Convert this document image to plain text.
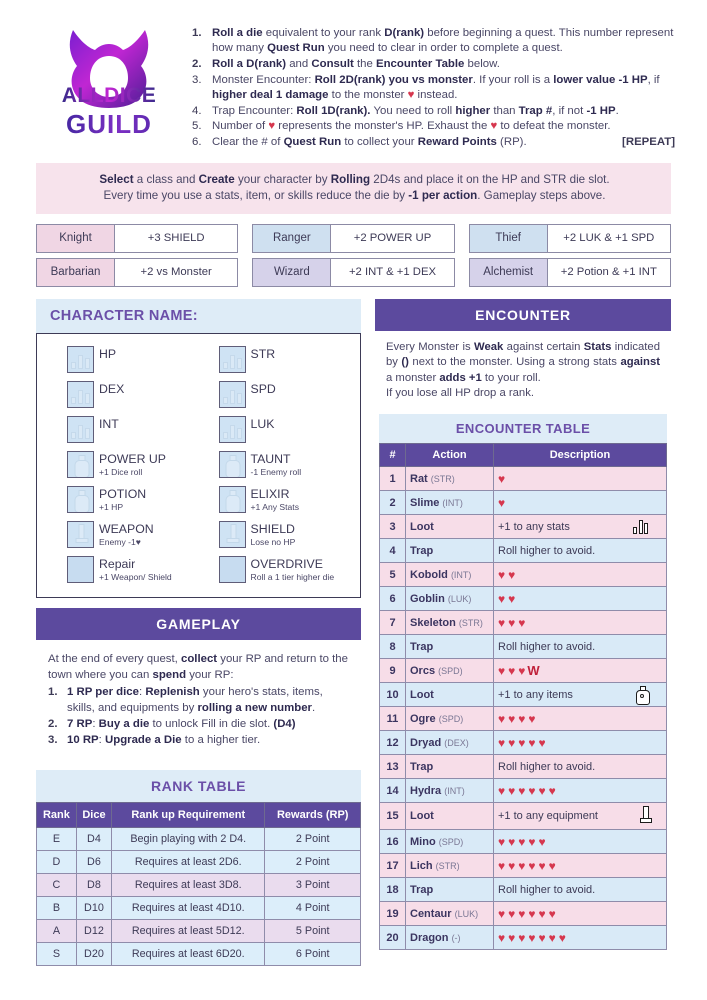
ALLDICE
GUILD
1. Roll a die equivalent to your rank D(rank) before beginning a quest. This number represent how many Quest Run you need to clear in order to complete a quest.
2. Roll a D(rank) and Consult the Encounter Table below.
3. Monster Encounter: Roll 2D(rank) you vs monster. If your roll is a lower value -1 HP, if higher deal 1 damage to the monster ♥ instead.
4. Trap Encounter: Roll 1D(rank). You need to roll higher than Trap #, if not -1 HP.
5. Number of ♥ represents the monster's HP. Exhaust the ♥ to defeat the monster.
6. Clear the # of Quest Run to collect your Reward Points (RP).	[REPEAT]

Select a class and Create your character by Rolling 2D4s and place it on the HP and STR die slot.

Every time you use a stats, item, or skills reduce the die by -1 per action. Gameplay steps above.

Knight	+3 SHIELD
Barbarian	+2 vs Monster
Ranger	+2 POWER UP
Wizard	+2 INT & +1 DEX
Thief	+2 LUK & +1 SPD
Alchemist	+2 Potion & +1 INT
CHARACTER NAME:
HP
DEX
INT
POWER UP
+1 Dice roll
POTION
+1 HP
WEAPON
Enemy -1♥
Repair
+1 Weapon/ Shield
STR
SPD
LUK
TAUNT
-1 Enemy roll
ELIXIR
+1 Any Stats
SHIELD
Lose no HP
OVERDRIVE
Roll a 1 tier higher die
GAMEPLAY

At the end of every quest, collect your RP and return to the town where you can spend your RP:

1. 1 RP per dice: Replenish your hero's stats, items, skills, and equipments by rolling a new number.
2. 7 RP: Buy a die to unlock Fill in die slot. (D4)
3. 10 RP: Upgrade a Die to a higher tier.
RANK TABLE
Rank	Dice	Rank up Requirement	Rewards (RP)
E	D4	Begin playing with 2 D4.	2 Point
D	D6	Requires at least 2D6.	2 Point
C	D8	Requires at least 3D8.	3 Point
B	D10	Requires at least 4D10.	4 Point
A	D12	Requires at least 5D12.	5 Point
S	D20	Requires at least 6D20.	6 Point
ENCOUNTER

Every Monster is Weak against certain Stats indicated by () next to the monster. Using a strong stats against a monster adds +1 to your roll.

If you lose all HP drop a rank.

ENCOUNTER TABLE
#	Action	Description
1	Rat (STR)	♥
2	Slime (INT)	♥
3	Loot	+1 to any stats

4	Trap	Roll higher to avoid.
5	Kobold (INT)	♥♥
6	Goblin (LUK)	♥♥
7	Skeleton (STR)	♥♥♥
8	Trap	Roll higher to avoid.
9	Orcs (SPD)	♥♥♥W
10	Loot	+1 to any items

11	Ogre (SPD)	♥♥♥♥
12	Dryad (DEX)	♥♥♥♥♥
13	Trap	Roll higher to avoid.
14	Hydra (INT)	♥♥♥♥♥♥
15	Loot	+1 to any equipment

16	Mino (SPD)	♥♥♥♥♥
17	Lich (STR)	♥♥♥♥♥♥
18	Trap	Roll higher to avoid.
19	Centaur (LUK)	♥♥♥♥♥♥
20	Dragon (-)	♥♥♥♥♥♥♥
